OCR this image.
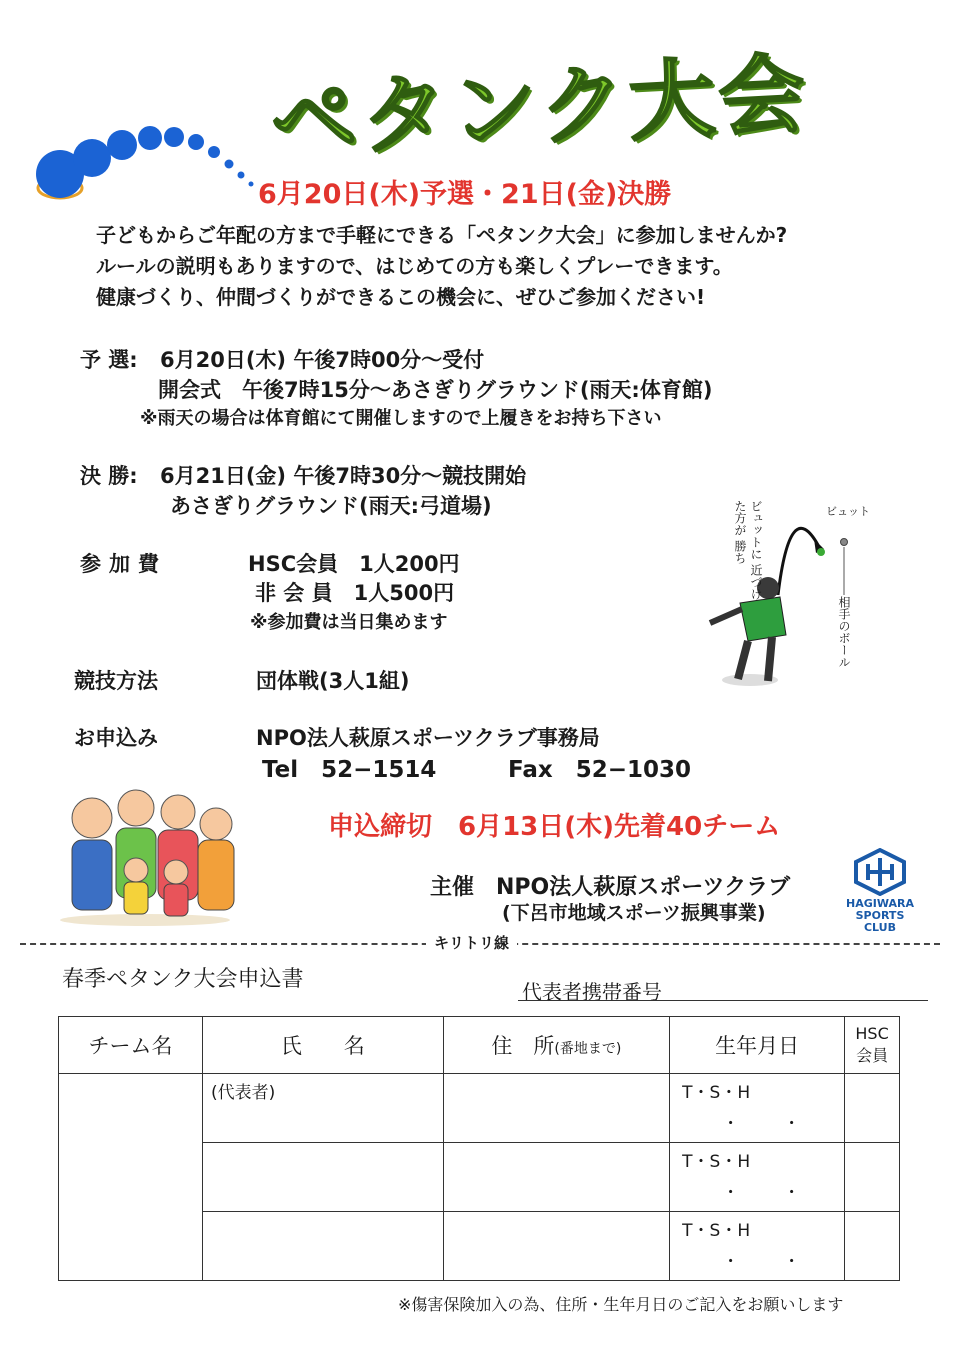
ペタンク大会
6月20日(木)予選・21日(金)決勝
子どもからご年配の方まで手軽にできる「ペタンク大会」に参加しませんか?
ルールの説明もありますので、はじめての方も楽しくプレーできます。
健康づくり、仲間づくりができるこの機会に、ぜひご参加ください!
予 選: 6月20日(木) 午後7時00分～受付
開会式　午後7時15分～あさぎりグラウンド(雨天:体育館)
※雨天の場合は体育館にて開催しますので上履きをお持ち下さい
決 勝: 6月21日(金) 午後7時30分～競技開始
あさぎりグラウンド(雨天:弓道場)
参加費	HSC会員　1人200円
非 会 員　1人500円
※参加費は当日集めます
競技方法	団体戦(3人1組)
お申込み	NPO法人萩原スポーツクラブ事務局
Tel　52−1514	Fax　52−1030
ビュットに 近づけた方が 勝ち
ビュット
相手のボール
申込締切　6月13日(木)先着40チーム
主催　NPO法人萩原スポーツクラブ
(下呂市地域スポーツ振興事業)	HAGIWARA
SPORTS CLUB
キリトリ線
春季ペタンク大会申込書	代表者携帯番号
チーム名	氏　　名	住　所(番地まで)	生年月日	HSC
会員

	(代表者)		T・S・H
・・	

			T・S・H
・・	

			T・S・H
・・	

※傷害保険加入の為、住所・生年月日のご記入をお願いします
